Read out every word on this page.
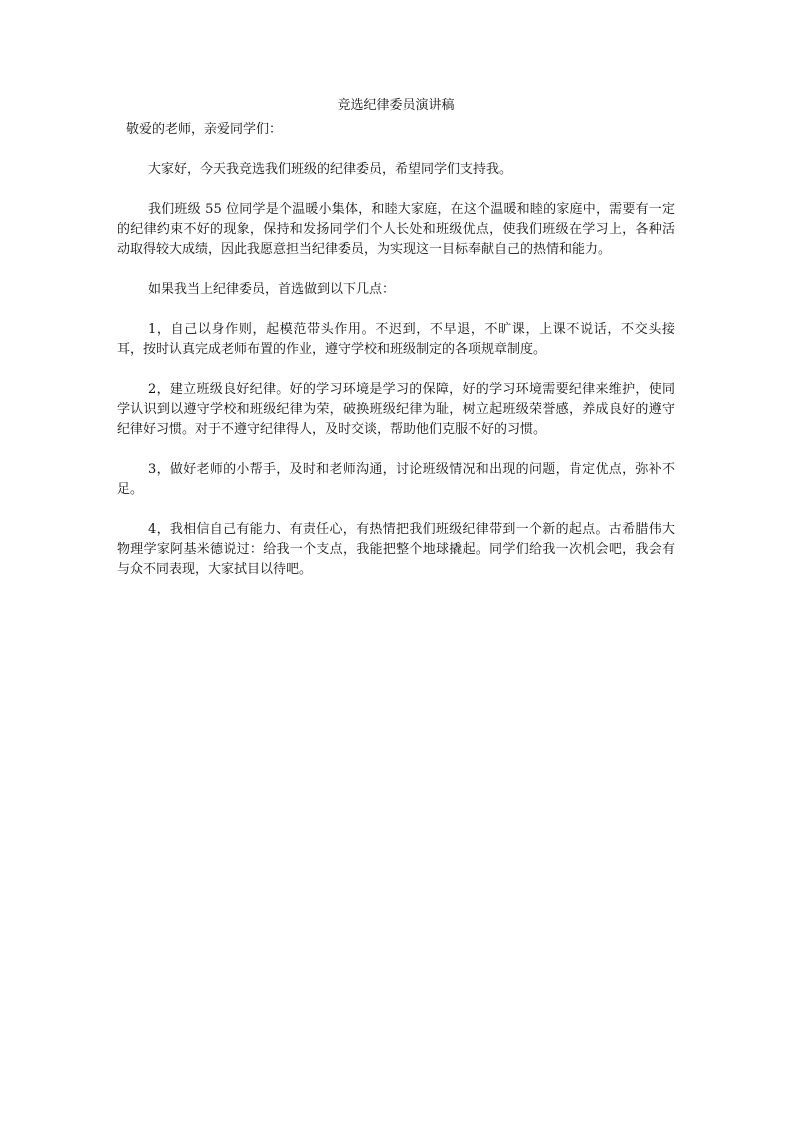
竞选纪律委员演讲稿
敬爱的老师，亲爱同学们：

大家好，今天我竞选我们班级的纪律委员，希望同学们支持我。

我们班级 55 位同学是个温暖小集体，和睦大家庭，在这个温暖和睦的家庭中，需要有一定的纪律约束不好的现象，保持和发扬同学们个人长处和班级优点，使我们班级在学习上，各种活动取得较大成绩，因此我愿意担当纪律委员，为实现这一目标奉献自己的热情和能力。

如果我当上纪律委员，首选做到以下几点：

1，自己以身作则，起模范带头作用。不迟到，不早退，不旷课，上课不说话，不交头接耳，按时认真完成老师布置的作业，遵守学校和班级制定的各项规章制度。

2，建立班级良好纪律。好的学习环境是学习的保障，好的学习环境需要纪律来维护，使同学认识到以遵守学校和班级纪律为荣，破换班级纪律为耻，树立起班级荣誉感，养成良好的遵守纪律好习惯。对于不遵守纪律得人，及时交谈，帮助他们克服不好的习惯。

3，做好老师的小帮手，及时和老师沟通，讨论班级情况和出现的问题，肯定优点，弥补不足。

4，我相信自己有能力、有责任心，有热情把我们班级纪律带到一个新的起点。古希腊伟大物理学家阿基米德说过：给我一个支点，我能把整个地球撬起。同学们给我一次机会吧，我会有与众不同表现，大家拭目以待吧。
